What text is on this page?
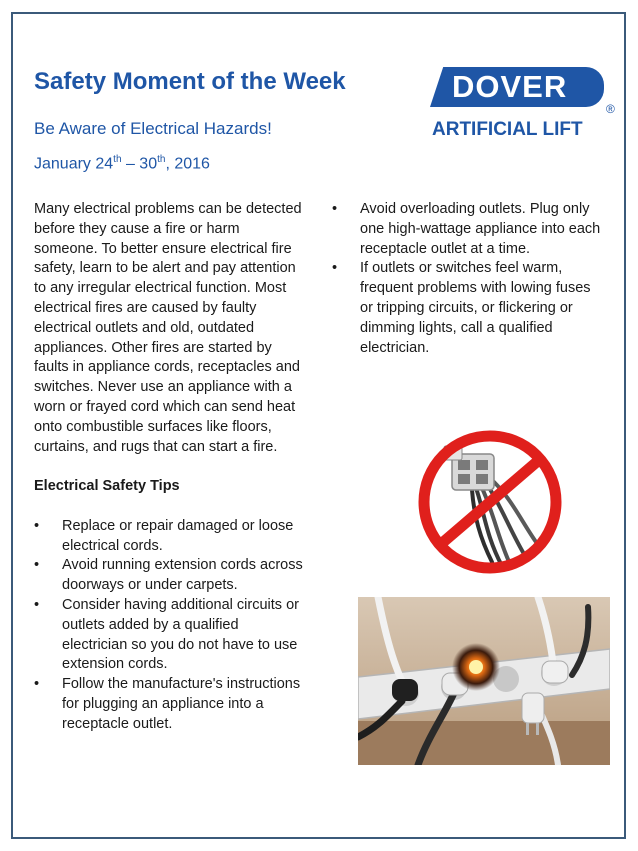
Safety Moment of the Week
Be Aware of Electrical Hazards!
January 24th – 30th, 2016
DOVER
®
ARTIFICIAL LIFT

Many electrical problems can be detected before they cause a fire or harm someone. To better ensure electrical fire safety, learn to be alert and pay attention to any irregular electrical function. Most electrical fires are caused by faulty electrical outlets and old, outdated appliances. Other fires are started by faults in appliance cords, receptacles and switches. Never use an appliance with a worn or frayed cord which can send heat onto combustible surfaces like floors, curtains, and rugs that can start a fire.

Electrical Safety Tips

• Replace or repair damaged or loose electrical cords.
• Avoid running extension cords across doorways or under carpets.
• Consider having additional circuits or outlets added by a qualified electrician so you do not have to use extension cords.
• Follow the manufacture's instructions for plugging an appliance into a receptacle outlet.
• Avoid overloading outlets. Plug only one high-wattage appliance into each receptacle outlet at a time.
• If outlets or switches feel warm, frequent problems with lowing fuses or tripping circuits, or flickering or dimming lights, call a qualified electrician.
